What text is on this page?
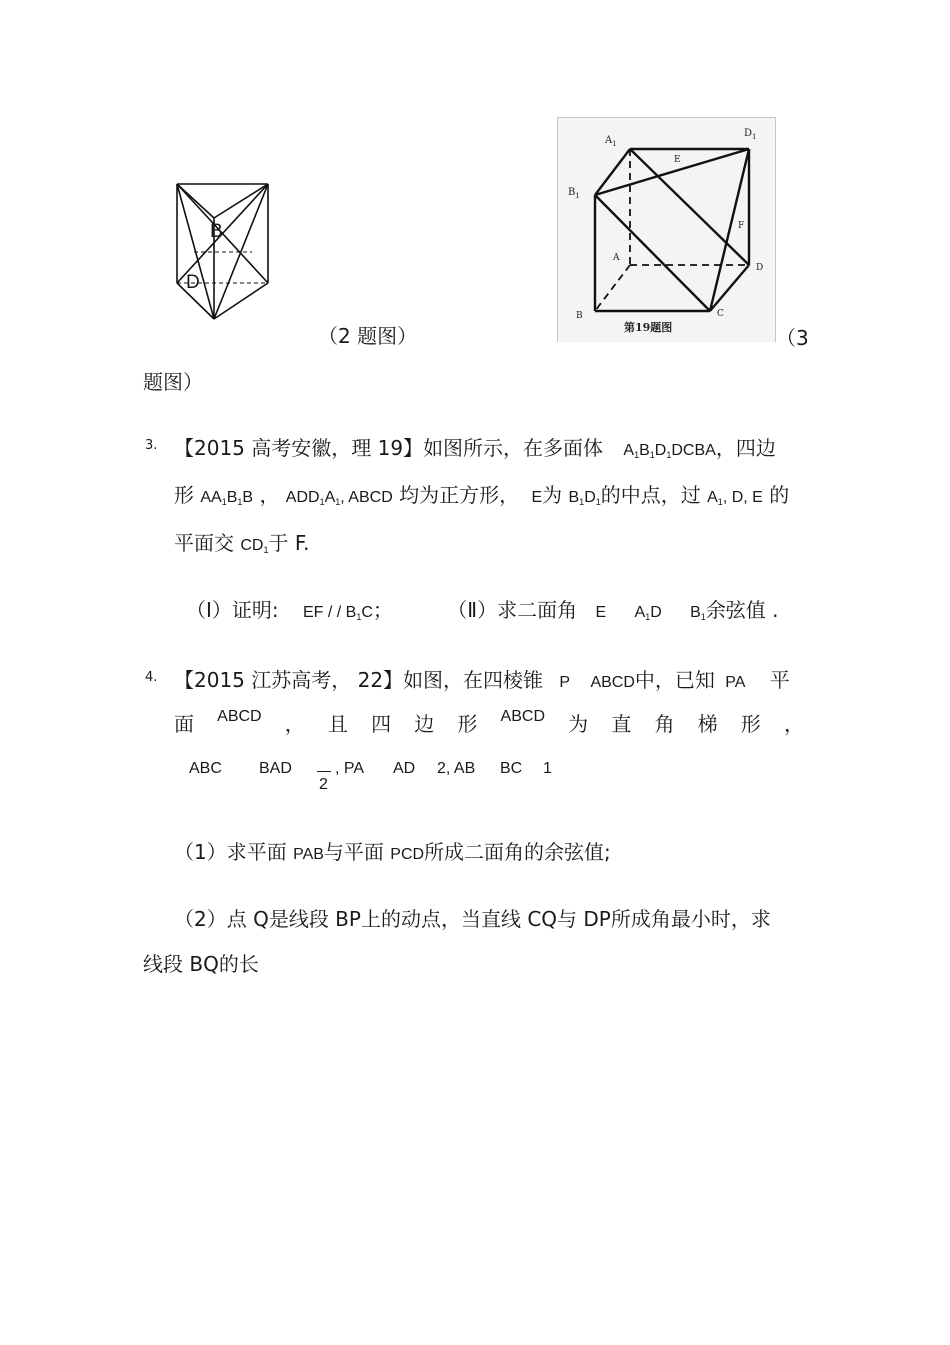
B
D
（2 题图）
$A_1$
$D_1$
$B_1$
E
F
A
D
B	C
第19题图	（3
题图）
3. 【2015 高考安徽，理 19】如图所示，在多面体 $A_1B_1D_1DCBA$，四边
形 $AA_1B_1B$ ， $ADD_1A_1$, ABCD 均为正方形， E为 $B_1D_1$的中点，过 $A_1$, D, E 的
平面交 $CD_1$于 F.
（Ⅰ）证明: EF / / $B_1C$；	（Ⅱ）求二面角 E $A_1D$ $B_1$余弦值 .
4. 【2015 江苏高考， 22】如图，在四棱锥 P ABCD中，已知 PA 平
面 ABCD ， 且 四 边 形 ABCD 为 直 角 梯 形 ，
ABC BAD
2
, PA AD 2, AB BC 1
（1）求平面 PAB与平面 PCD所成二面角的余弦值;
（2）点 Q是线段 BP上的动点，当直线 CQ与 DP所成角最小时，求
线段 BQ的长
